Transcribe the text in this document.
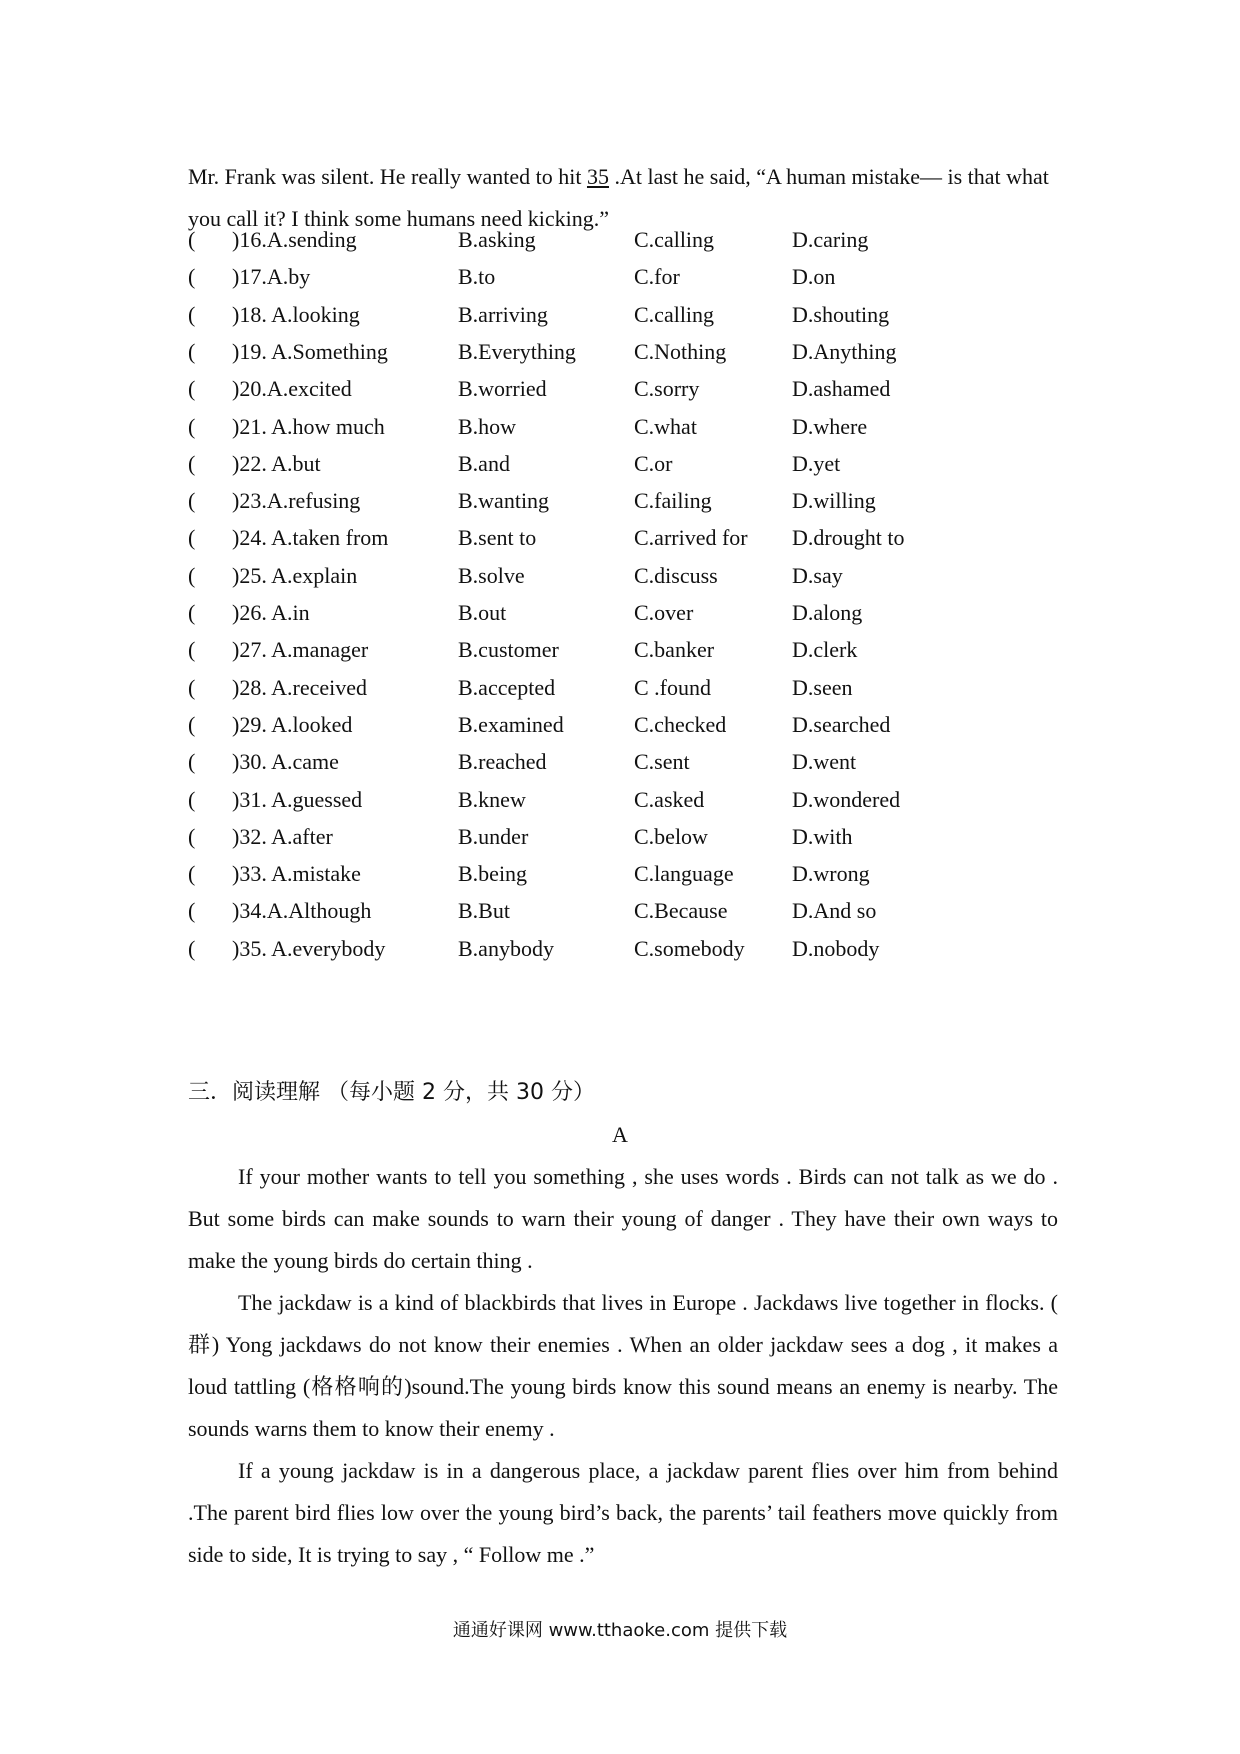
Mr. Frank was silent. He really wanted to hit 35 .At last he said, “A human mistake— is that what you call it? I think some humans need kicking.”
( )16.A.sending	B.asking	C.calling	D.caring
( )17.A.by	B.to	C.for	D.on
( )18. A.looking	B.arriving	C.calling	D.shouting
( )19. A.Something	B.Everything	C.Nothing	D.Anything
( )20.A.excited	B.worried	C.sorry	D.ashamed
( )21. A.how much	B.how	C.what	D.where
( )22. A.but	B.and	C.or	D.yet
( )23.A.refusing	B.wanting	C.failing	D.willing
( )24. A.taken from	B.sent to	C.arrived for D.drought to
( )25. A.explain	B.solve	C.discuss	D.say
( )26. A.in	B.out	C.over	D.along
( )27. A.manager	B.customer	C.banker	D.clerk
( )28. A.received	B.accepted	C .found	D.seen
( )29. A.looked	B.examined	C.checked	D.searched
( )30. A.came	B.reached	C.sent	D.went
( )31. A.guessed	B.knew	C.asked	D.wondered
( )32. A.after	B.under	C.below	D.with
( )33. A.mistake	B.being	C.language	D.wrong
( )34.A.Although	B.But	C.Because	D.And so
( )35. A.everybody	B.anybody	C.somebody D.nobody
三．阅读理解 （每小题 2 分，共 30 分）
A
If your mother wants to tell you something , she uses words . Birds can not talk as we do . But some birds can make sounds to warn their young of danger . They have their own ways to make the young birds do certain thing .
The jackdaw is a kind of blackbirds that lives in Europe . Jackdaws live together in flocks. ( 群) Yong jackdaws do not know their enemies . When an older jackdaw sees a dog , it makes a loud tattling (格格响的)sound.The young birds know this sound means an enemy is nearby. The sounds warns them to know their enemy .
If a young jackdaw is in a dangerous place, a jackdaw parent flies over him from behind .The parent bird flies low over the young bird’s back, the parents’ tail feathers move quickly from side to side, It is trying to say , “ Follow me .”
通通好课网 www.tthaoke.com 提供下载
